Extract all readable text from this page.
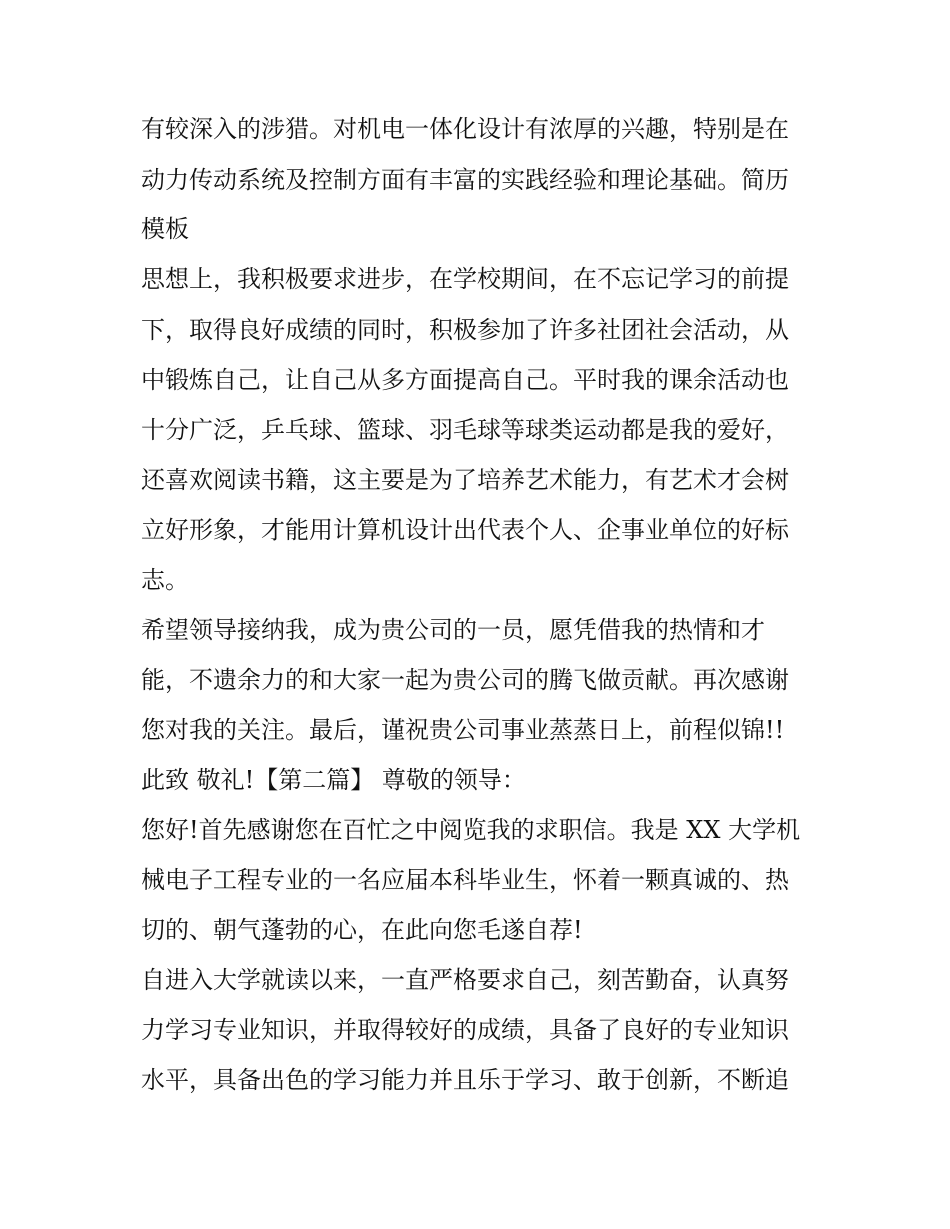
有较深入的涉猎。对机电一体化设计有浓厚的兴趣，特别是在

动力传动系统及控制方面有丰富的实践经验和理论基础。简历

模板

思想上，我积极要求进步，在学校期间，在不忘记学习的前提

下，取得良好成绩的同时，积极参加了许多社团社会活动，从

中锻炼自己，让自己从多方面提高自己。平时我的课余活动也

十分广泛，乒乓球、篮球、羽毛球等球类运动都是我的爱好，

还喜欢阅读书籍，这主要是为了培养艺术能力，有艺术才会树

立好形象，才能用计算机设计出代表个人、企事业单位的好标

志。

希望领导接纳我，成为贵公司的一员，愿凭借我的热情和才

能，不遗余力的和大家一起为贵公司的腾飞做贡献。再次感谢

您对我的关注。最后，谨祝贵公司事业蒸蒸日上，前程似锦!!

此致 敬礼!【第二篇】 尊敬的领导：

您好!首先感谢您在百忙之中阅览我的求职信。我是 XX 大学机

械电子工程专业的一名应届本科毕业生，怀着一颗真诚的、热

切的、朝气蓬勃的心，在此向您毛遂自荐!

自进入大学就读以来，一直严格要求自己，刻苦勤奋，认真努

力学习专业知识，并取得较好的成绩，具备了良好的专业知识

水平，具备出色的学习能力并且乐于学习、敢于创新，不断追
